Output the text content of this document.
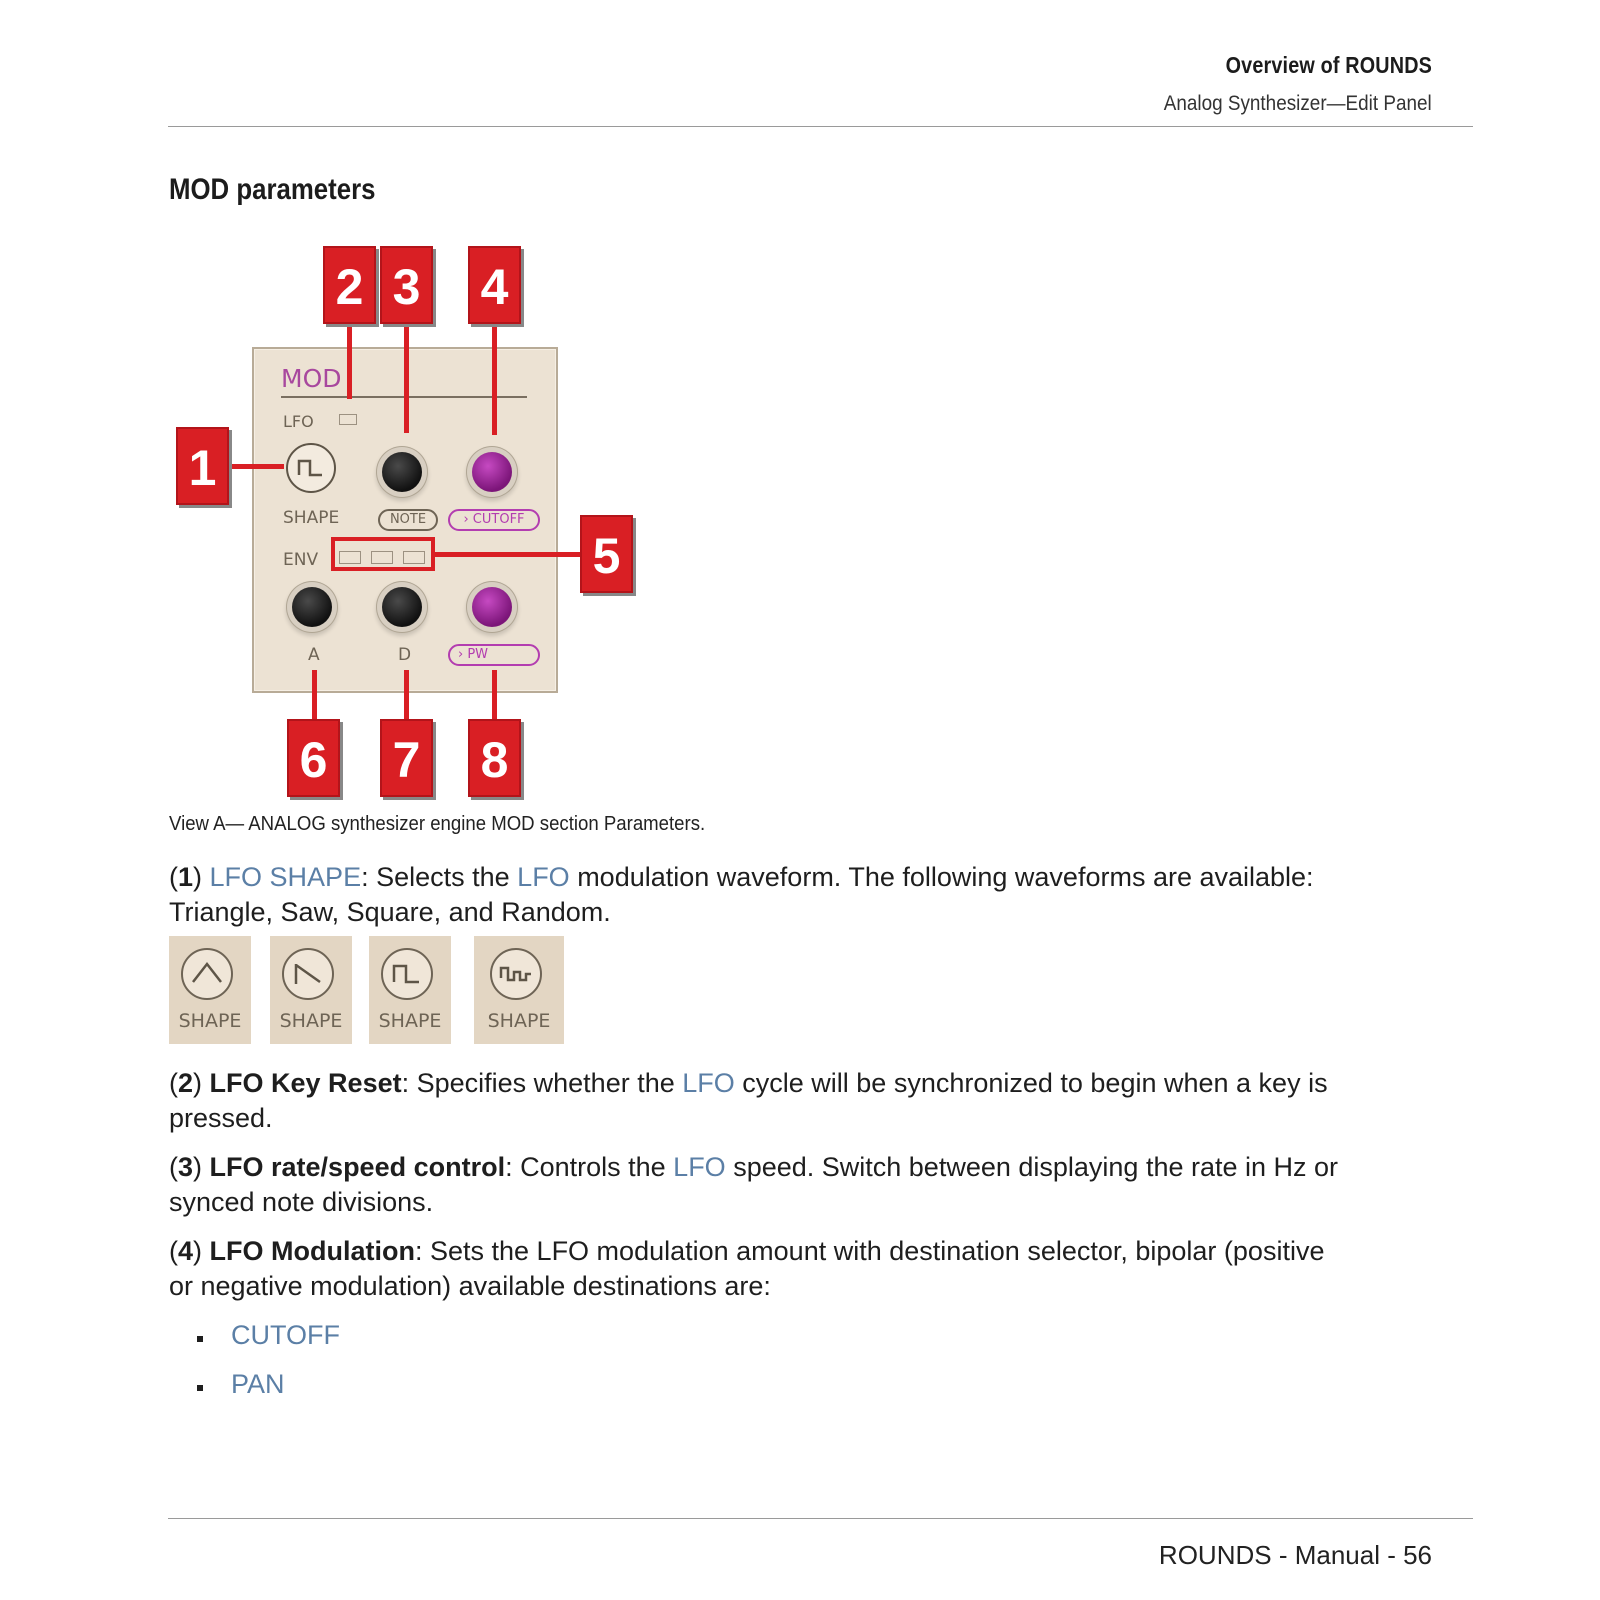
Overview of ROUNDS
Analog Synthesizer—Edit Panel
MOD parameters
MOD
LFO
SHAPE	NOTE	› CUTOFF
ENV
A	D	› PW
1
2 3 4
5
6 7 8
View A— ANALOG synthesizer engine MOD section Parameters.
(1) LFO SHAPE: Selects the LFO modulation waveform. The following waveforms are available: Triangle, Saw, Square, and Random.
SHAPE	SHAPE	SHAPE	SHAPE
(2) LFO Key Reset: Specifies whether the LFO cycle will be synchronized to begin when a key is pressed.
(3) LFO rate/speed control: Controls the LFO speed. Switch between displaying the rate in Hz or synced note divisions.
(4) LFO Modulation: Sets the LFO modulation amount with destination selector, bipolar (positive or negative modulation) available destinations are:
CUTOFF
PAN
ROUNDS - Manual - 56
